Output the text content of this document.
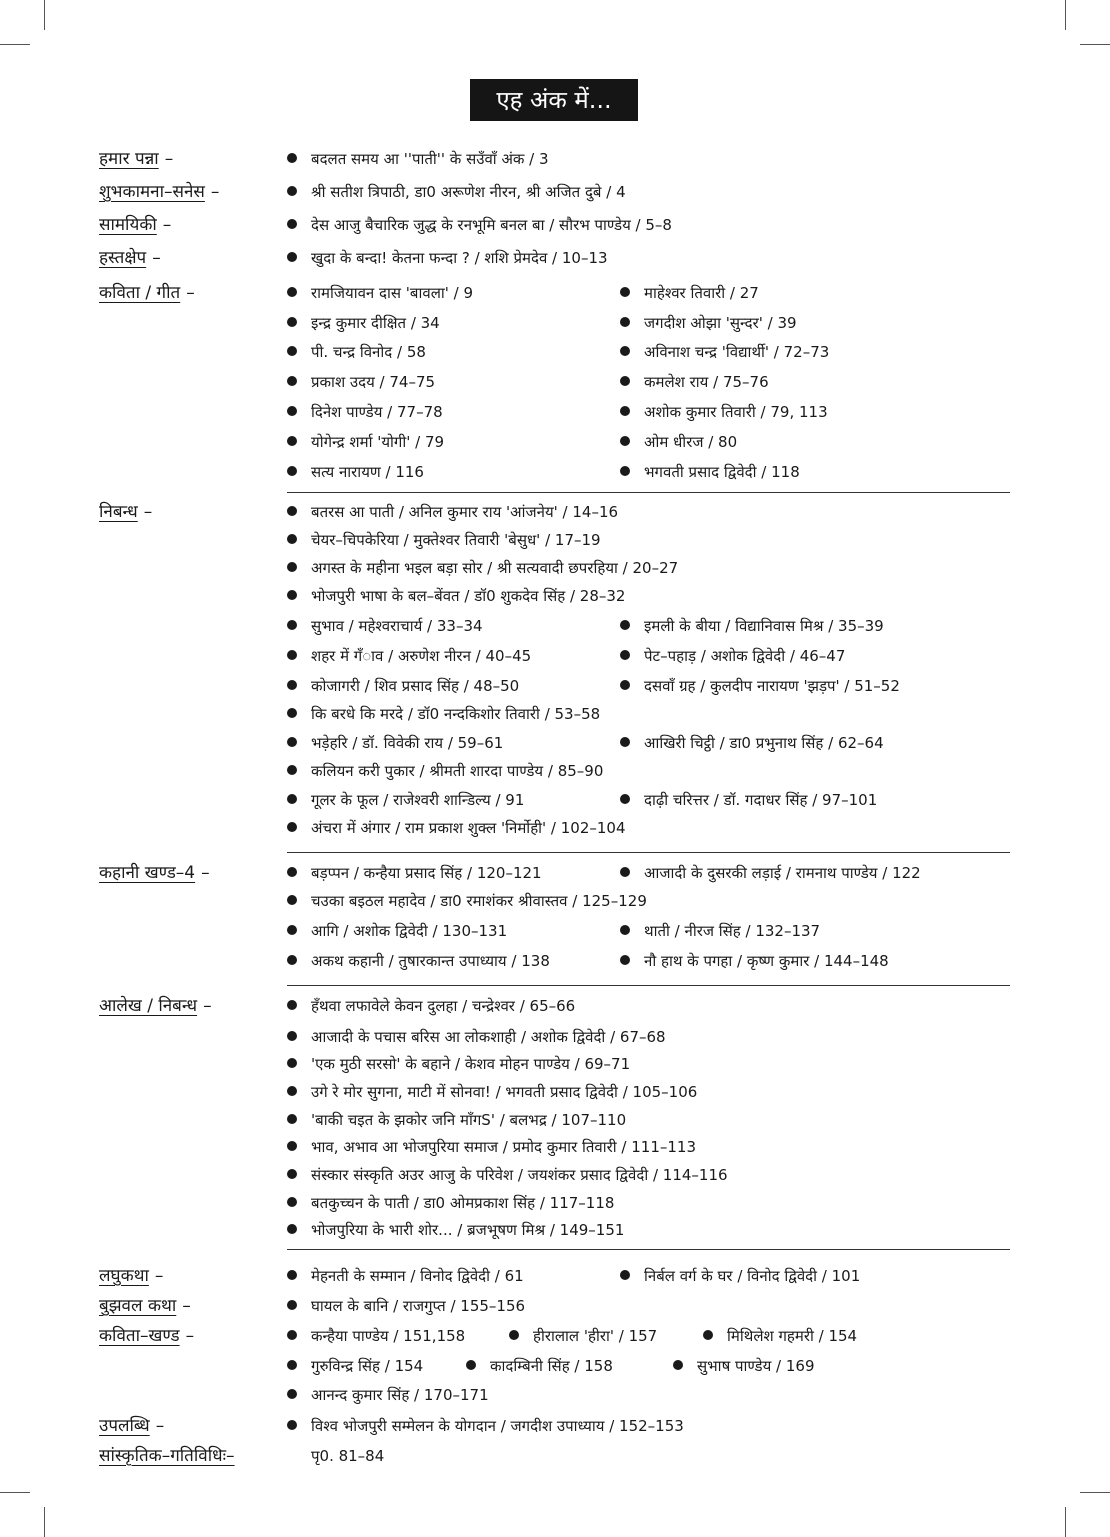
एह अंक में...
हमार पन्ना–	बदलत समय आ ''पाती'' के सउँवाँ अंक / 3
शुभकामना–सनेस–	श्री सतीश त्रिपाठी, डा0 अरूणेश नीरन, श्री अजित दुबे / 4
सामयिकी–	देस आजु बैचारिक जुद्ध के रनभूमि बनल बा / सौरभ पाण्डेय / 5–8
हस्तक्षेप–	खुदा के बन्दा! केतना फन्दा ? / शशि प्रेमदेव / 10–13
कविता / गीत–	रामजियावन दास 'बावला' / 9	माहेश्वर तिवारी / 27
इन्द्र कुमार दीक्षित / 34	जगदीश ओझा 'सुन्दर' / 39
पी. चन्द्र विनोद / 58	अविनाश चन्द्र 'विद्यार्थी' / 72–73
प्रकाश उदय / 74–75	कमलेश राय / 75–76
दिनेश पाण्डेय / 77–78	अशोक कुमार तिवारी / 79, 113
योगेन्द्र शर्मा 'योगी' / 79	ओम धीरज / 80
सत्य नारायण / 116	भगवती प्रसाद द्विवेदी / 118
निबन्ध–	बतरस आ पाती / अनिल कुमार राय 'आंजनेय' / 14–16
चेयर–चिपकेरिया / मुक्तेश्वर तिवारी 'बेसुध' / 17–19
अगस्त के महीना भइल बड़ा सोर / श्री सत्यवादी छपरहिया / 20–27
भोजपुरी भाषा के बल–बेंवत / डॉ0 शुकदेव सिंह / 28–32
सुभाव / महेश्वराचार्य / 33–34	इमली के बीया / विद्यानिवास मिश्र / 35–39
शहर में गँाव / अरुणेश नीरन / 40–45	पेट–पहाड़ / अशोक द्विवेदी / 46–47
कोजागरी / शिव प्रसाद सिंह / 48–50	दसवाँ ग्रह / कुलदीप नारायण 'झड़प' / 51–52
कि बरधे कि मरदे / डॉ0 नन्दकिशोर तिवारी / 53–58
भड़ेहरि / डॉ. विवेकी राय / 59–61	आखिरी चिट्ठी / डा0 प्रभुनाथ सिंह / 62–64
कलियन करी पुकार / श्रीमती शारदा पाण्डेय / 85–90
गूलर के फूल / राजेश्वरी शान्डिल्य / 91	दाढ़ी चरित्तर / डॉ. गदाधर सिंह / 97–101
अंचरा में अंगार / राम प्रकाश शुक्ल 'निर्मोही' / 102–104
कहानी खण्ड–4–	बड़प्पन / कन्हैया प्रसाद सिंह / 120–121	आजादी के दुसरकी लड़ाई / रामनाथ पाण्डेय / 122
चउका बइठल महादेव / डा0 रमाशंकर श्रीवास्तव / 125–129
आगि / अशोक द्विवेदी / 130–131	थाती / नीरज सिंह / 132–137
अकथ कहानी / तुषारकान्त उपाध्याय / 138	नौ हाथ के पगहा / कृष्ण कुमार / 144–148
आलेख / निबन्ध–	हँथवा लफावेले केवन दुलहा / चन्द्रेश्वर / 65–66
आजादी के पचास बरिस आ लोकशाही / अशोक द्विवेदी / 67–68
'एक मुठी सरसो' के बहाने / केशव मोहन पाण्डेय / 69–71
उगे रे मोर सुगना, माटी में सोनवा! / भगवती प्रसाद द्विवेदी / 105–106
'बाकी चइत के झकोर जनि माँगS' / बलभद्र / 107–110
भाव, अभाव आ भोजपुरिया समाज / प्रमोद कुमार तिवारी / 111–113
संस्कार संस्कृति अउर आजु के परिवेश / जयशंकर प्रसाद द्विवेदी / 114–116
बतकुच्चन के पाती / डा0 ओमप्रकाश सिंह / 117–118
भोजपुरिया के भारी शोर... / ब्रजभूषण मिश्र / 149–151
लघुकथा–	मेहनती के सम्मान / विनोद द्विवेदी / 61	निर्बल वर्ग के घर / विनोद द्विवेदी / 101
बुझवल कथा–	घायल के बानि / राजगुप्त / 155–156
कविता–खण्ड–	कन्हैया पाण्डेय / 151,158	हीरालाल 'हीरा' / 157	मिथिलेश गहमरी / 154
गुरुविन्द्र सिंह / 154	कादम्बिनी सिंह / 158	सुभाष पाण्डेय / 169
आनन्द कुमार सिंह / 170–171
उपलब्धि–	विश्व भोजपुरी सम्मेलन के योगदान / जगदीश उपाध्याय / 152–153
सांस्कृतिक–गतिविधिः–	पृ0. 81–84
